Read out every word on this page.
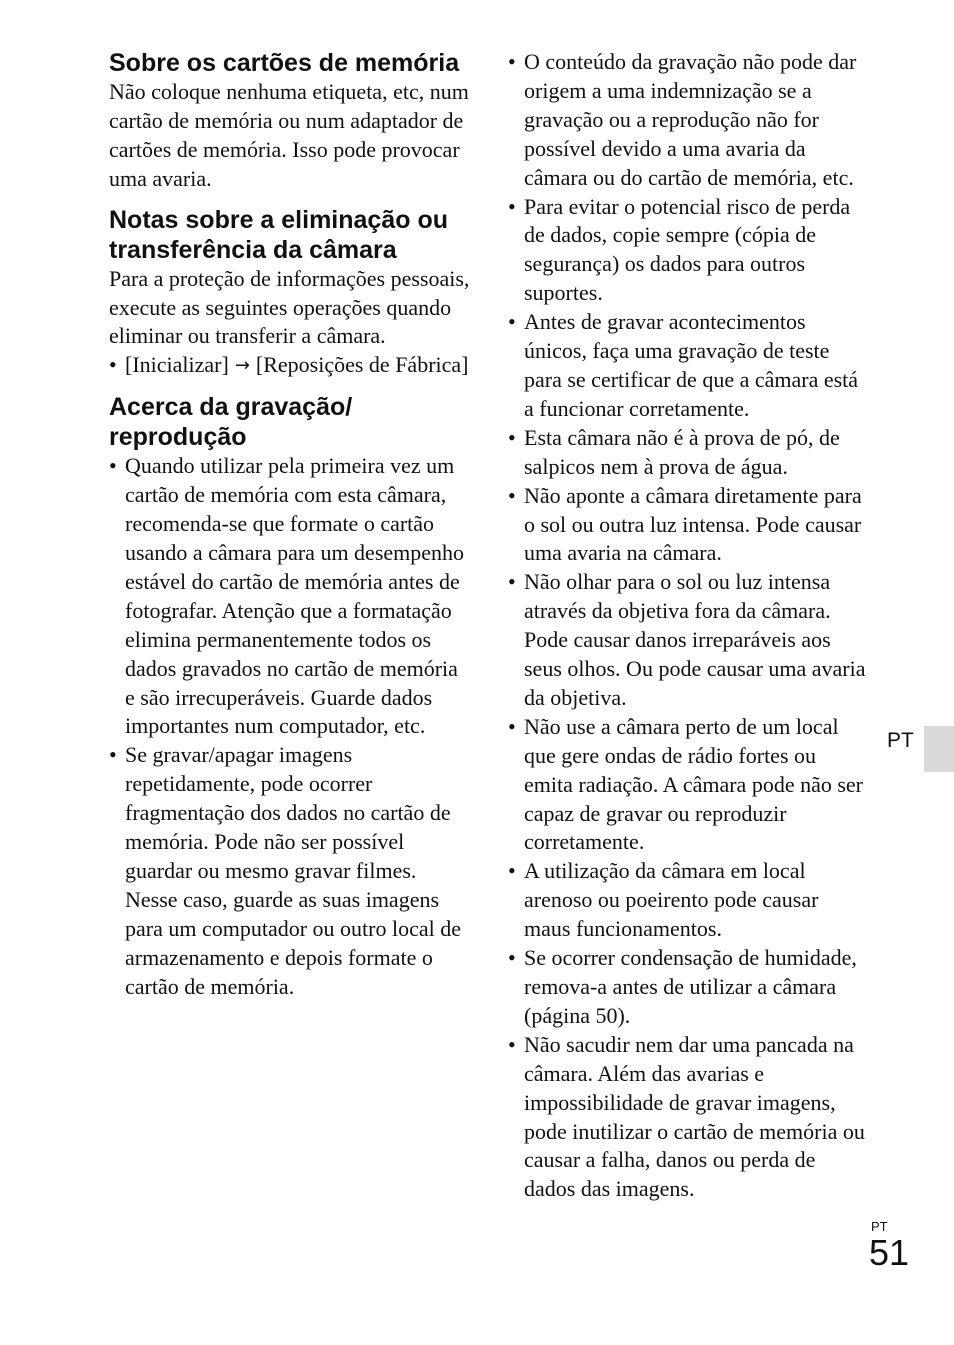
Sobre os cartões de memória

Não coloque nenhuma etiqueta, etc, num cartão de memória ou num adaptador de cartões de memória. Isso pode provocar uma avaria.

Notas sobre a eliminação ou transferência da câmara

Para a proteção de informações pessoais, execute as seguintes operações quando eliminar ou transferir a câmara.

• [Inicializar] → [Reposições de Fábrica]
Acerca da gravação/ reprodução
• Quando utilizar pela primeira vez um cartão de memória com esta câmara, recomenda-se que formate o cartão usando a câmara para um desempenho estável do cartão de memória antes de fotografar. Atenção que a formatação elimina permanentemente todos os dados gravados no cartão de memória e são irrecuperáveis. Guarde dados importantes num computador, etc.
• Se gravar/apagar imagens repetidamente, pode ocorrer fragmentação dos dados no cartão de memória. Pode não ser possível guardar ou mesmo gravar filmes. Nesse caso, guarde as suas imagens para um computador ou outro local de armazenamento e depois formate o cartão de memória.
• O conteúdo da gravação não pode dar origem a uma indemnização se a gravação ou a reprodução não for possível devido a uma avaria da câmara ou do cartão de memória, etc.
• Para evitar o potencial risco de perda de dados, copie sempre (cópia de segurança) os dados para outros suportes.
• Antes de gravar acontecimentos únicos, faça uma gravação de teste para se certificar de que a câmara está a funcionar corretamente.
• Esta câmara não é à prova de pó, de salpicos nem à prova de água.
• Não aponte a câmara diretamente para o sol ou outra luz intensa. Pode causar uma avaria na câmara.
• Não olhar para o sol ou luz intensa através da objetiva fora da câmara. Pode causar danos irreparáveis aos seus olhos. Ou pode causar uma avaria da objetiva.
• Não use a câmara perto de um local que gere ondas de rádio fortes ou emita radiação. A câmara pode não ser capaz de gravar ou reproduzir corretamente.
• A utilização da câmara em local arenoso ou poeirento pode causar maus funcionamentos.
• Se ocorrer condensação de humidade, remova-a antes de utilizar a câmara (página 50).
• Não sacudir nem dar uma pancada na câmara. Além das avarias e impossibilidade de gravar imagens, pode inutilizar o cartão de memória ou causar a falha, danos ou perda de dados das imagens.
PT
PT
51
